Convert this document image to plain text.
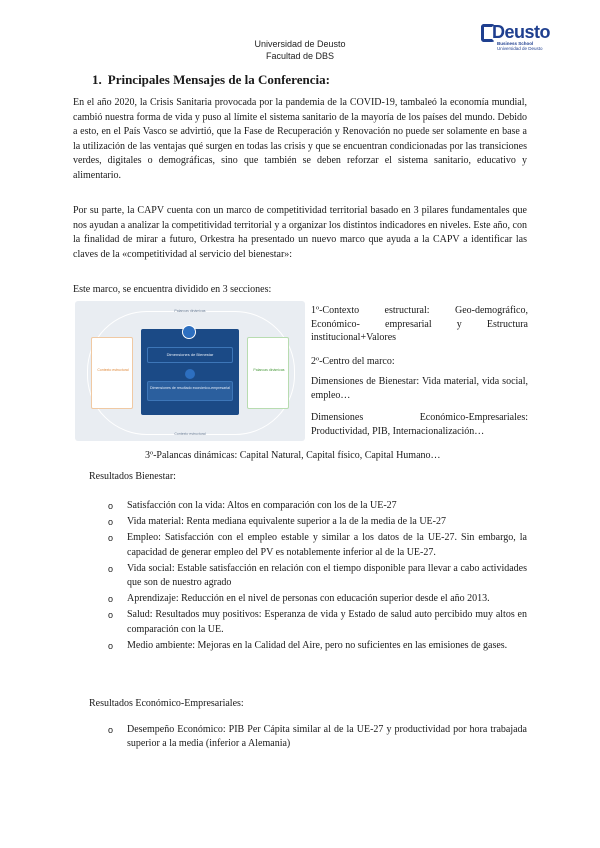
Universidad de Deusto
Facultad de DBS
Deusto
Business School
Universidad de Deusto
1. Principales Mensajes de la Conferencia:
En el año 2020, la Crisis Sanitaria provocada por la pandemia de la COVID-19, tambaleó la economía mundial, cambió nuestra forma de vida y puso al límite el sistema sanitario de la mayoría de los países del mundo. Debido a esto, en el País Vasco se advirtió, que la Fase de Recuperación y Renovación no puede ser solamente en base a la utilización de las ventajas qué surgen en todas las crisis y que se encuentran condicionadas por las transiciones verdes, digitales o demográficas, sino que también se deben reforzar el sistema sanitario, educativo y alimentario.
Por su parte, la CAPV cuenta con un marco de competitividad territorial basado en 3 pilares fundamentales que nos ayudan a analizar la competitividad territorial y a organizar los distintos indicadores en niveles. Este año, con la finalidad de mirar a futuro, Orkestra ha presentado un nuevo marco que ayuda a la CAPV a identificar las claves de la «competitividad al servicio del bienestar»:
Este marco, se encuentra dividido en 3 secciones:
Palancas dinámicas
Contexto estructural	Palancas dinámicas
Dimensiones de Bienestar
Dimensiones de resultado económico-empresarial
Contexto estructural
1º-Contexto estructural: Geo-demográfico, Económico- empresarial y Estructura institucional+Valores
2º-Centro del marco:
Dimensiones de Bienestar: Vida material, vida social, empleo…
Dimensiones Económico-Empresariales: Productividad, PIB, Internacionalización…
3º-Palancas dinámicas: Capital Natural, Capital físico, Capital Humano…
Resultados Bienestar:
o Satisfacción con la vida: Altos en comparación con los de la UE-27
o Vida material: Renta mediana equivalente superior a la de la media de la UE-27
o Empleo: Satisfacción con el empleo estable y similar a los datos de la UE-27. Sin embargo, la capacidad de generar empleo del PV es notablemente inferior al de la UE-27.
o Vida social: Estable satisfacción en relación con el tiempo disponible para llevar a cabo actividades que son de nuestro agrado
o Aprendizaje: Reducción en el nivel de personas con educación superior desde el año 2013.
o Salud: Resultados muy positivos: Esperanza de vida y Estado de salud auto percibido muy altos en comparación con la UE.
o Medio ambiente: Mejoras en la Calidad del Aire, pero no suficientes en las emisiones de gases.
Resultados Económico-Empresariales:
o Desempeño Económico: PIB Per Cápita similar al de la UE-27 y productividad por hora trabajada superior a la media (inferior a Alemania)
